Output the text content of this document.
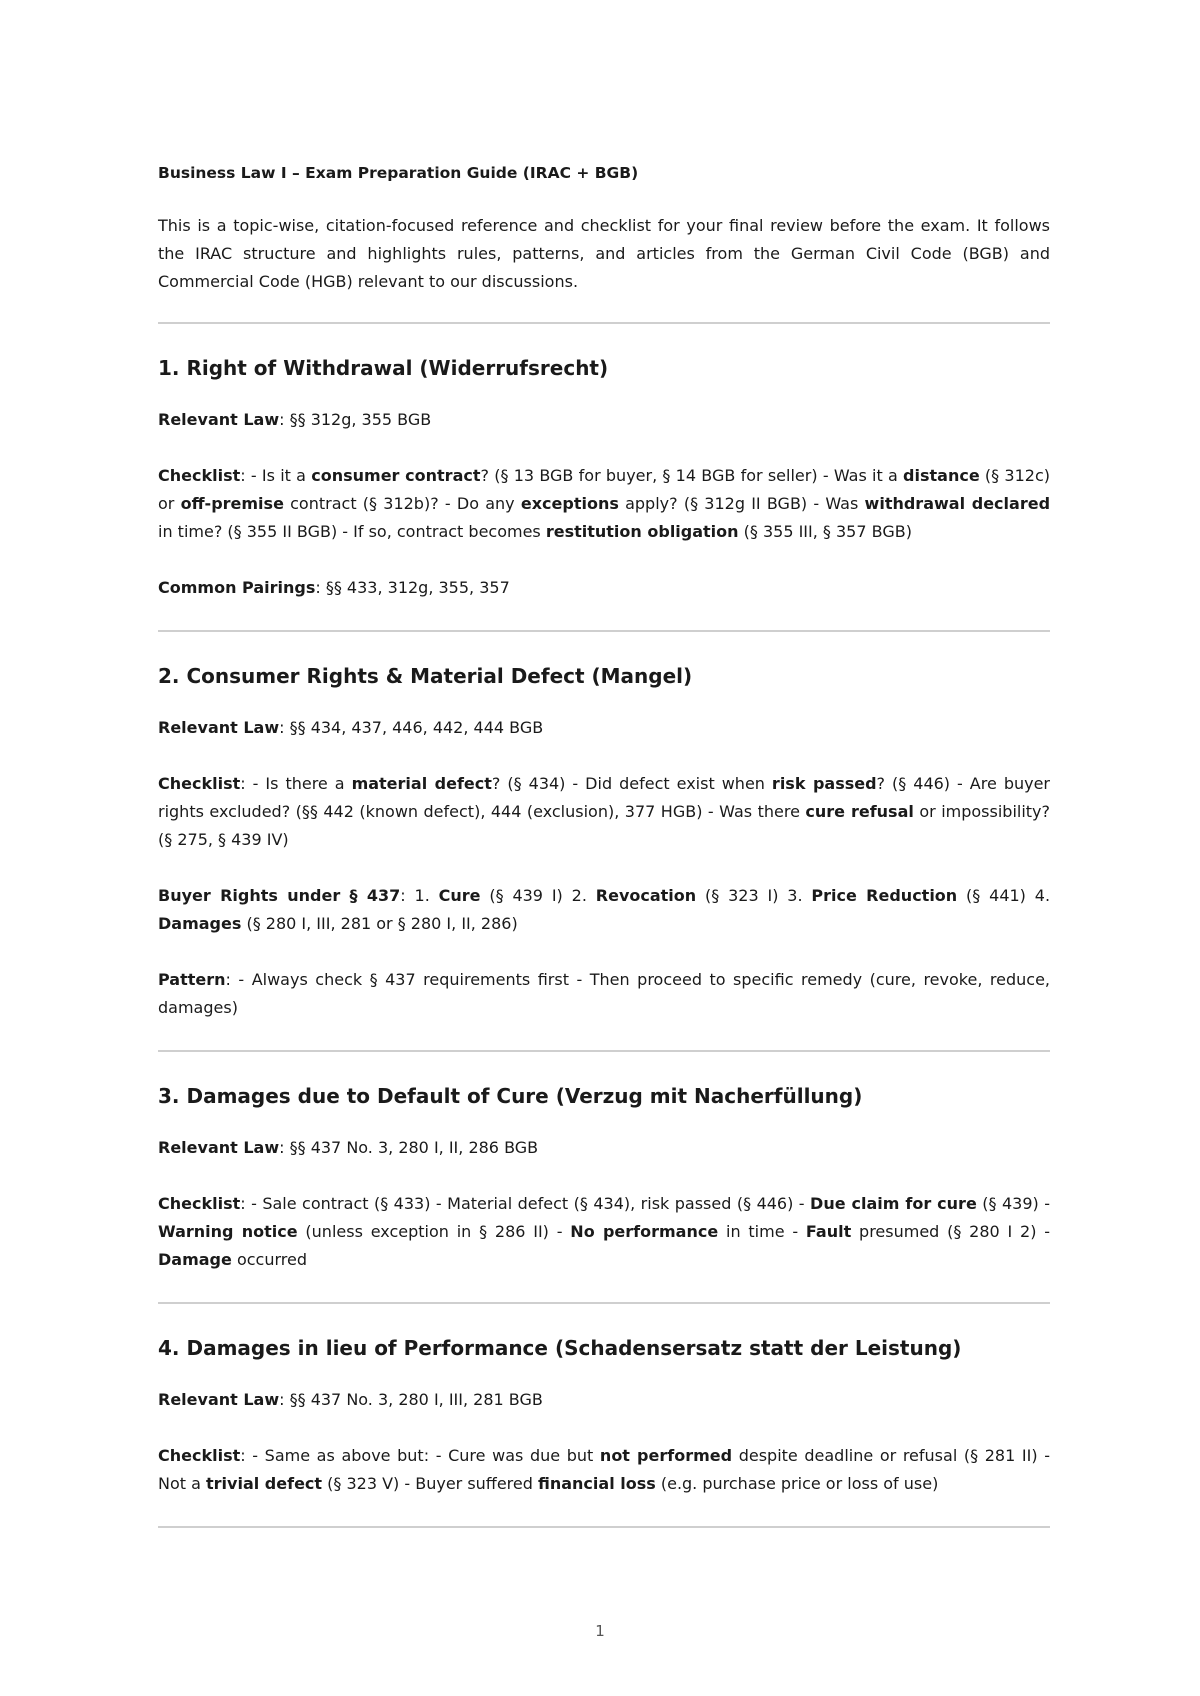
Business Law I – Exam Preparation Guide (IRAC + BGB)

This is a topic-wise, citation-focused reference and checklist for your final review before the exam. It follows the IRAC structure and highlights rules, patterns, and articles from the German Civil Code (BGB) and Commercial Code (HGB) relevant to our discussions.

1. Right of Withdrawal (Widerrufsrecht)

Relevant Law: §§ 312g, 355 BGB

Checklist: - Is it a consumer contract? (§ 13 BGB for buyer, § 14 BGB for seller) - Was it a distance (§ 312c) or off-premise contract (§ 312b)? - Do any exceptions apply? (§ 312g II BGB) - Was withdrawal declared in time? (§ 355 II BGB) - If so, contract becomes restitution obligation (§ 355 III, § 357 BGB)

Common Pairings: §§ 433, 312g, 355, 357

2. Consumer Rights & Material Defect (Mangel)

Relevant Law: §§ 434, 437, 446, 442, 444 BGB

Checklist: - Is there a material defect? (§ 434) - Did defect exist when risk passed? (§ 446) - Are buyer rights excluded? (§§ 442 (known defect), 444 (exclusion), 377 HGB) - Was there cure refusal or impossibility? (§ 275, § 439 IV)

Buyer Rights under § 437: 1. Cure (§ 439 I) 2. Revocation (§ 323 I) 3. Price Reduction (§ 441) 4. Damages (§ 280 I, III, 281 or § 280 I, II, 286)

Pattern: - Always check § 437 requirements first - Then proceed to specific remedy (cure, revoke, reduce, damages)

3. Damages due to Default of Cure (Verzug mit Nacherfüllung)

Relevant Law: §§ 437 No. 3, 280 I, II, 286 BGB

Checklist: - Sale contract (§ 433) - Material defect (§ 434), risk passed (§ 446) - Due claim for cure (§ 439) - Warning notice (unless exception in § 286 II) - No performance in time - Fault presumed (§ 280 I 2) - Damage occurred

4. Damages in lieu of Performance (Schadensersatz statt der Leistung)

Relevant Law: §§ 437 No. 3, 280 I, III, 281 BGB

Checklist: - Same as above but: - Cure was due but not performed despite deadline or refusal (§ 281 II) - Not a trivial defect (§ 323 V) - Buyer suffered financial loss (e.g. purchase price or loss of use)

1
